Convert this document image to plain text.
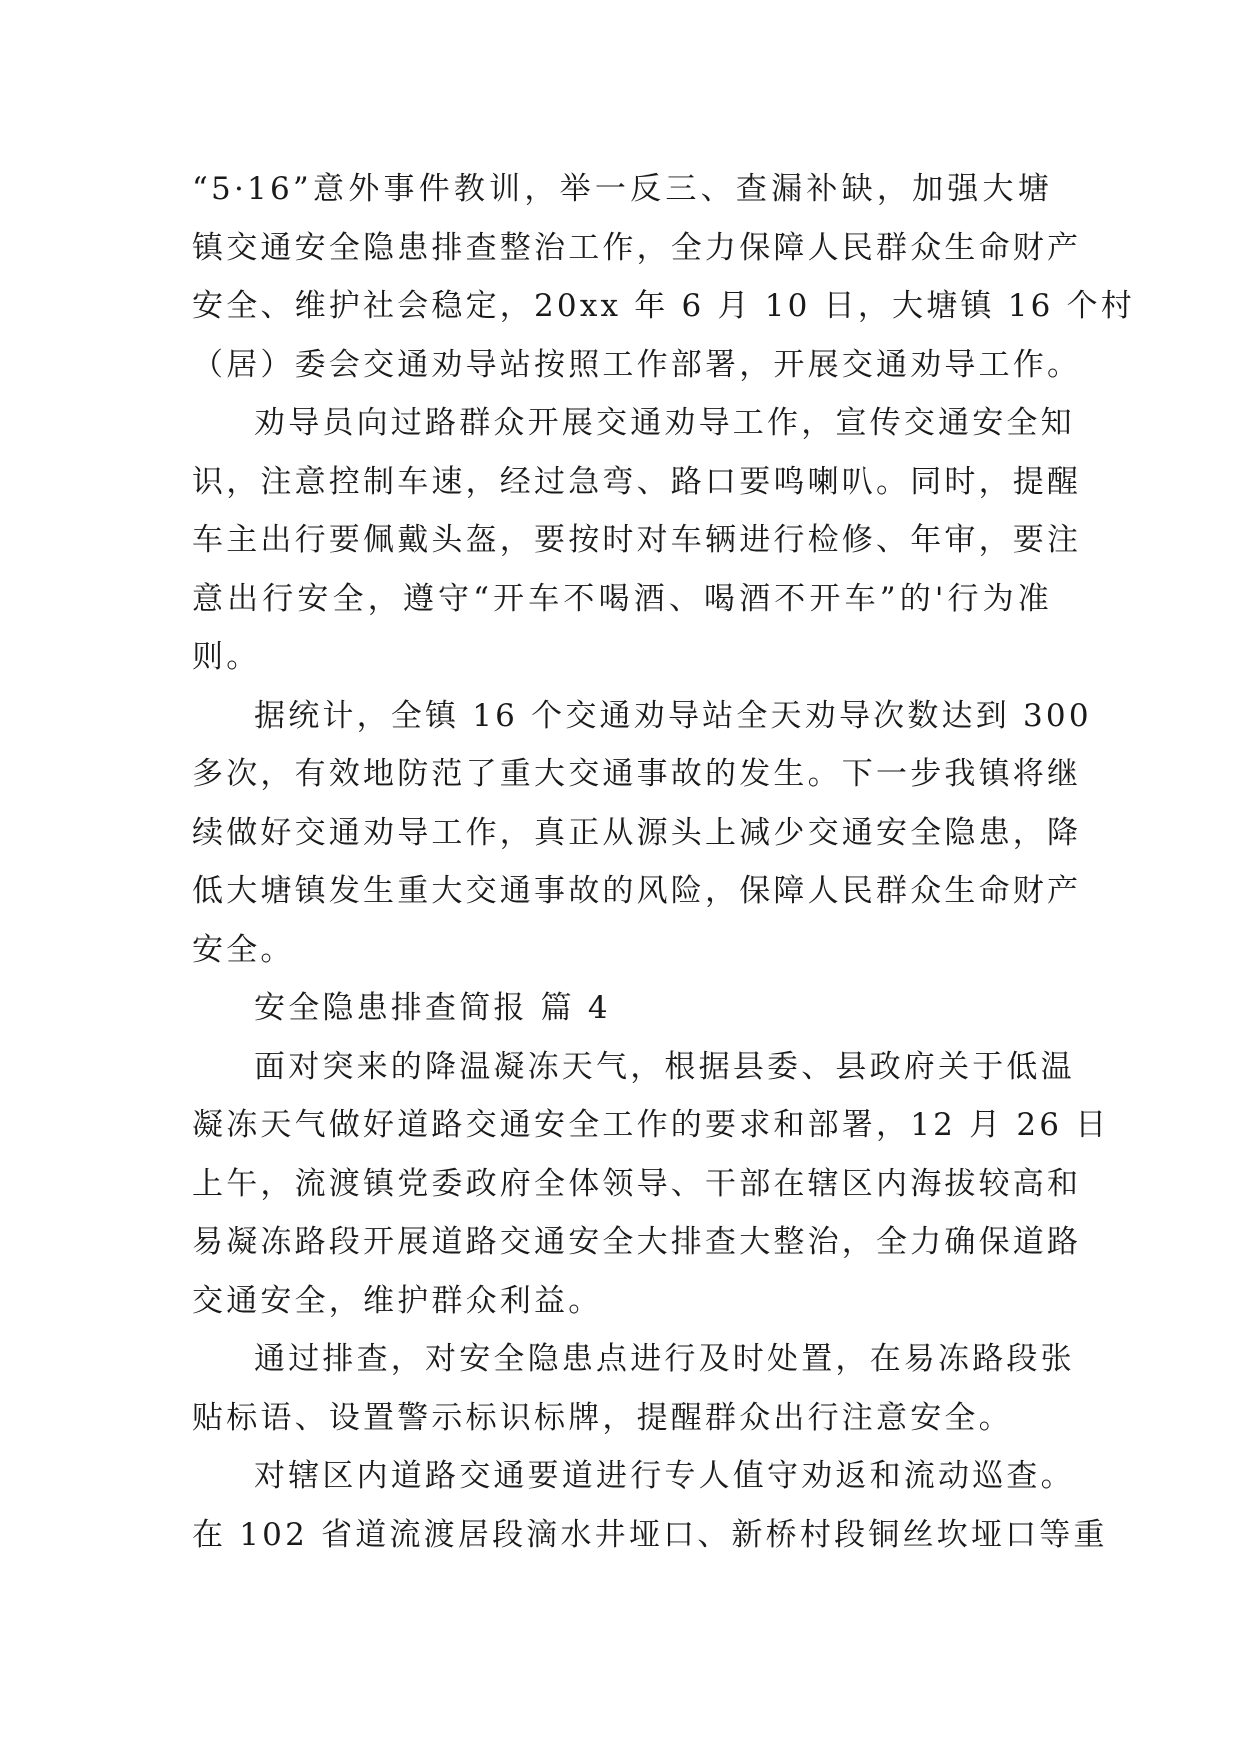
“5·16”意外事件教训，举一反三、查漏补缺，加强大塘
镇交通安全隐患排查整治工作，全力保障人民群众生命财产
安全、维护社会稳定，20xx 年 6 月 10 日，大塘镇 16 个村
（居）委会交通劝导站按照工作部署，开展交通劝导工作。
劝导员向过路群众开展交通劝导工作，宣传交通安全知
识，注意控制车速，经过急弯、路口要鸣喇叭。同时，提醒
车主出行要佩戴头盔，要按时对车辆进行检修、年审，要注
意出行安全，遵守“开车不喝酒、喝酒不开车”的'行为准
则。
据统计，全镇 16 个交通劝导站全天劝导次数达到 300
多次，有效地防范了重大交通事故的发生。下一步我镇将继
续做好交通劝导工作，真正从源头上减少交通安全隐患，降
低大塘镇发生重大交通事故的风险，保障人民群众生命财产
安全。
安全隐患排查简报 篇 4
面对突来的降温凝冻天气，根据县委、县政府关于低温
凝冻天气做好道路交通安全工作的要求和部署，12 月 26 日
上午，流渡镇党委政府全体领导、干部在辖区内海拔较高和
易凝冻路段开展道路交通安全大排查大整治，全力确保道路
交通安全，维护群众利益。
通过排查，对安全隐患点进行及时处置，在易冻路段张
贴标语、设置警示标识标牌，提醒群众出行注意安全。
对辖区内道路交通要道进行专人值守劝返和流动巡查。
在 102 省道流渡居段滴水井垭口、新桥村段铜丝坎垭口等重
